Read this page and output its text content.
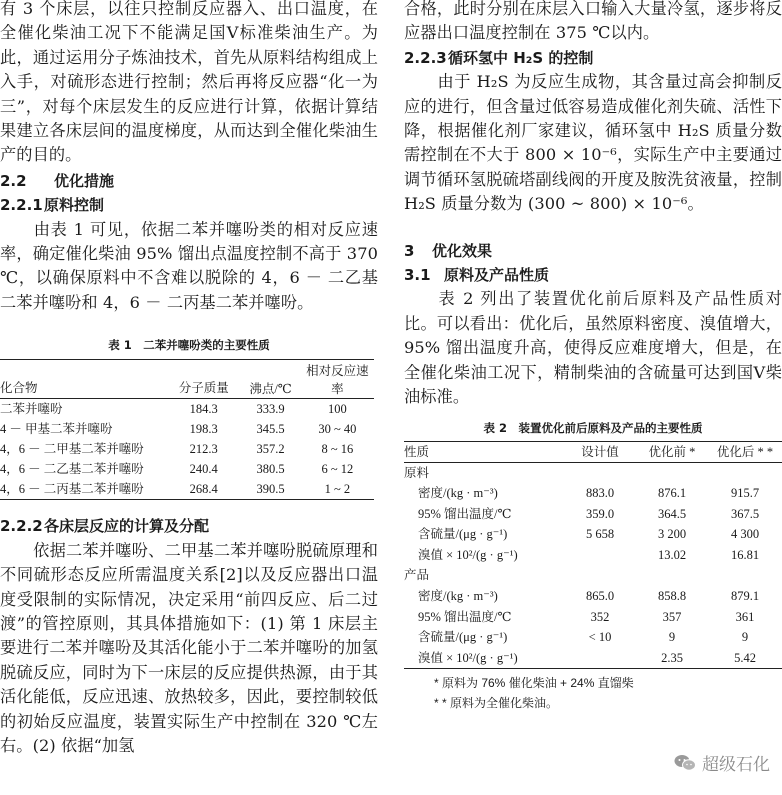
有 3 个床层，以往只控制反应器入、出口温度，在全催化柴油工况下不能满足国Ⅴ标准柴油生产。为此，通过运用分子炼油技术，首先从原料结构组成上入手，对硫形态进行控制；然后再将反应器“化一为三”，对每个床层发生的反应进行计算，依据计算结果建立各床层间的温度梯度，从而达到全催化柴油生产的目的。

2.2 优化措施

2.2.1原料控制

由表 1 可见，依据二苯并噻吩类的相对反应速率，确定催化柴油 95% 馏出点温度控制不高于 370 ℃，以确保原料中不含难以脱除的 4，6 － 二乙基二苯并噻吩和 4，6 － 二丙基二苯并噻吩。

表 1　二苯并噻吩类的主要性质

化合物	分子质量	沸点/℃	相对反应速率
二苯并噻吩	184.3	333.9	100
4 － 甲基二苯并噻吩	198.3	345.5	30 ~ 40
4，6 － 二甲基二苯并噻吩	212.3	357.2	8 ~ 16
4，6 － 二乙基二苯并噻吩	240.4	380.5	6 ~ 12
4，6 － 二丙基二苯并噻吩	268.4	390.5	1 ~ 2

2.2.2各床层反应的计算及分配

依据二苯并噻吩、二甲基二苯并噻吩脱硫原理和不同硫形态反应所需温度关系[2]以及反应器出口温度受限制的实际情况，决定采用“前四反应、后二过渡”的管控原则，其具体措施如下：(1) 第 1 床层主要进行二苯并噻吩及其活化能小于二苯并噻吩的加氢脱硫反应，同时为下一床层的反应提供热源，由于其活化能低，反应迅速、放热较多，因此，要控制较低的初始反应温度，装置实际生产中控制在 320 ℃左右。(2) 依据“加氢

合格，此时分别在床层入口输入大量冷氢，逐步将反应器出口温度控制在 375 ℃以内。

2.2.3循环氢中 H₂S 的控制

由于 H₂S 为反应生成物，其含量过高会抑制反应的进行，但含量过低容易造成催化剂失硫、活性下降，根据催化剂厂家建议，循环氢中 H₂S 质量分数需控制在不大于 800 × 10⁻⁶，实际生产中主要通过调节循环氢脱硫塔副线阀的开度及胺洗贫液量，控制 H₂S 质量分数为 (300 ~ 800) × 10⁻⁶。

3 优化效果

3.1 原料及产品性质

表 2 列出了装置优化前后原料及产品性质对比。可以看出：优化后，虽然原料密度、溴值增大，95% 馏出温度升高，使得反应难度增大，但是，在全催化柴油工况下，精制柴油的含硫量可达到国Ⅴ柴油标准。

表 2　装置优化前后原料及产品的主要性质

性质	设计值	优化前 *	优化后 * *
原料			
密度/(kg · m⁻³)	883.0	876.1	915.7
95% 馏出温度/℃	359.0	364.5	367.5
含硫量/(μg · g⁻¹)	5 658	3 200	4 300
溴值 × 10²/(g · g⁻¹)		13.02	16.81
产品			
密度/(kg · m⁻³)	865.0	858.8	879.1
95% 馏出温度/℃	352	357	361
含硫量/(μg · g⁻¹)	< 10	9	9
溴值 × 10²/(g · g⁻¹)		2.35	5.42

* 原料为 76% 催化柴油 + 24% 直馏柴

* * 原料为全催化柴油。

超级石化
